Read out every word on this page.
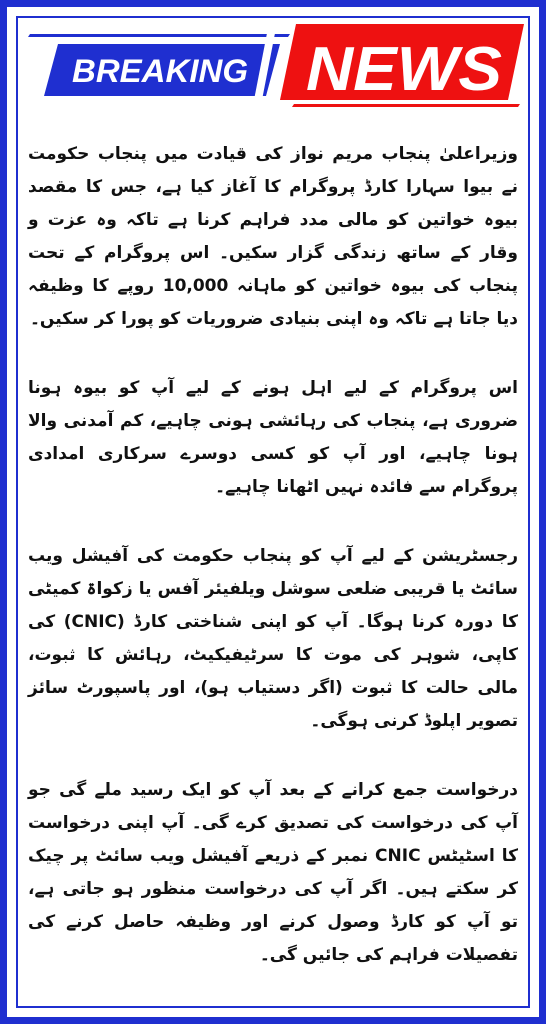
BREAKING NEWS

وزیراعلیٰ پنجاب مریم نواز کی قیادت میں پنجاب حکومت نے بیوا سہارا کارڈ پروگرام کا آغاز کیا ہے، جس کا مقصد بیوہ خواتین کو مالی مدد فراہم کرنا ہے تاکہ وہ عزت و وقار کے ساتھ زندگی گزار سکیں۔ اس پروگرام کے تحت پنجاب کی بیوہ خواتین کو ماہانہ 10,000 روپے کا وظیفہ دیا جاتا ہے تاکہ وہ اپنی بنیادی ضروریات کو پورا کر سکیں۔

اس پروگرام کے لیے اہل ہونے کے لیے آپ کو بیوہ ہونا ضروری ہے، پنجاب کی رہائشی ہونی چاہیے، کم آمدنی والا ہونا چاہیے، اور آپ کو کسی دوسرے سرکاری امدادی پروگرام سے فائدہ نہیں اٹھانا چاہیے۔

رجسٹریشن کے لیے آپ کو پنجاب حکومت کی آفیشل ویب سائٹ یا قریبی ضلعی سوشل ویلفیئر آفس یا زکواۃ کمیٹی کا دورہ کرنا ہوگا۔ آپ کو اپنی شناختی کارڈ (CNIC) کی کاپی، شوہر کی موت کا سرٹیفیکیٹ، رہائش کا ثبوت، مالی حالت کا ثبوت (اگر دستیاب ہو)، اور پاسپورٹ سائز تصویر اپلوڈ کرنی ہوگی۔

درخواست جمع کرانے کے بعد آپ کو ایک رسید ملے گی جو آپ کی درخواست کی تصدیق کرے گی۔ آپ اپنی درخواست کا اسٹیٹس CNIC نمبر کے ذریعے آفیشل ویب سائٹ پر چیک کر سکتے ہیں۔ اگر آپ کی درخواست منظور ہو جاتی ہے، تو آپ کو کارڈ وصول کرنے اور وظیفہ حاصل کرنے کی تفصیلات فراہم کی جائیں گی۔
